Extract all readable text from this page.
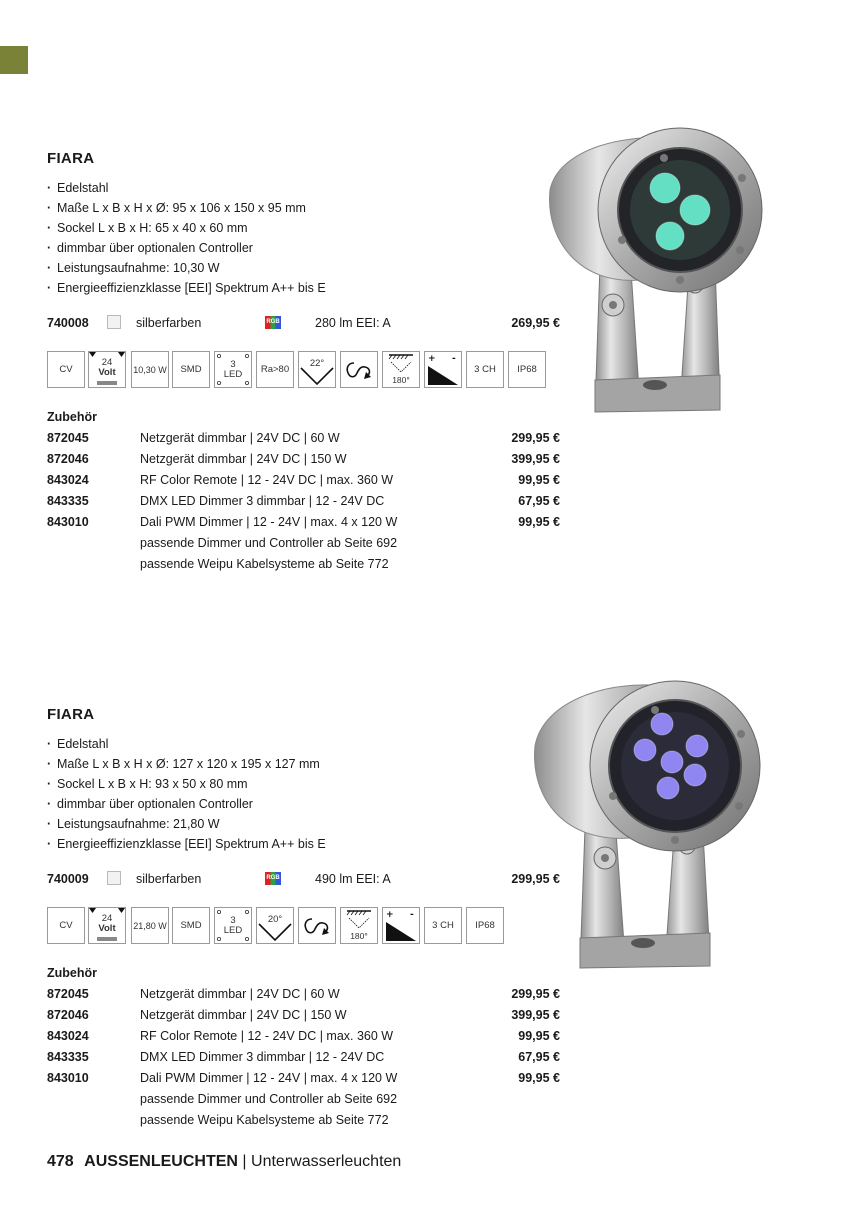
FIARA
· Edelstahl
· Maße L x B x H x Ø: 95 x 106 x 150 x 95 mm
· Sockel L x B x H: 65 x 40 x 60 mm
· dimmbar über optionalen Controller
· Leistungsaufnahme: 10,30 W
· Energieeffizienzklasse [EEI] Spektrum A++ bis E
740008	silberfarben	RGB	280 lm EEI: A	269,95 €
CV
24
Volt 10,30 W SMD	3
LED Ra>80
22°
180°
+ -
3 CH IP68
Zubehör
872045	Netzgerät dimmbar | 24V DC | 60 W	299,95 €
872046	Netzgerät dimmbar | 24V DC | 150 W	399,95 €
843024	RF Color Remote | 12 - 24V DC | max. 360 W	99,95 €
843335	DMX LED Dimmer 3 dimmbar | 12 - 24V DC	67,95 €
843010	Dali PWM Dimmer | 12 - 24V | max. 4 x 120 W	99,95 €
passende Dimmer und Controller ab Seite 692
passende Weipu Kabelsysteme ab Seite 772
FIARA
· Edelstahl
· Maße L x B x H x Ø: 127 x 120 x 195 x 127 mm
· Sockel L x B x H: 93 x 50 x 80 mm
· dimmbar über optionalen Controller
· Leistungsaufnahme: 21,80 W
· Energieeffizienzklasse [EEI] Spektrum A++ bis E
740009	silberfarben	RGB	490 lm EEI: A	299,95 €
CV
24
Volt 21,80 W SMD	3
LED
20°
180°
+ -
3 CH IP68
Zubehör
872045	Netzgerät dimmbar | 24V DC | 60 W	299,95 €
872046	Netzgerät dimmbar | 24V DC | 150 W	399,95 €
843024	RF Color Remote | 12 - 24V DC | max. 360 W	99,95 €
843335	DMX LED Dimmer 3 dimmbar | 12 - 24V DC	67,95 €
843010	Dali PWM Dimmer | 12 - 24V | max. 4 x 120 W	99,95 €
passende Dimmer und Controller ab Seite 692
passende Weipu Kabelsysteme ab Seite 772
478 AUSSENLEUCHTEN | Unterwasserleuchten
